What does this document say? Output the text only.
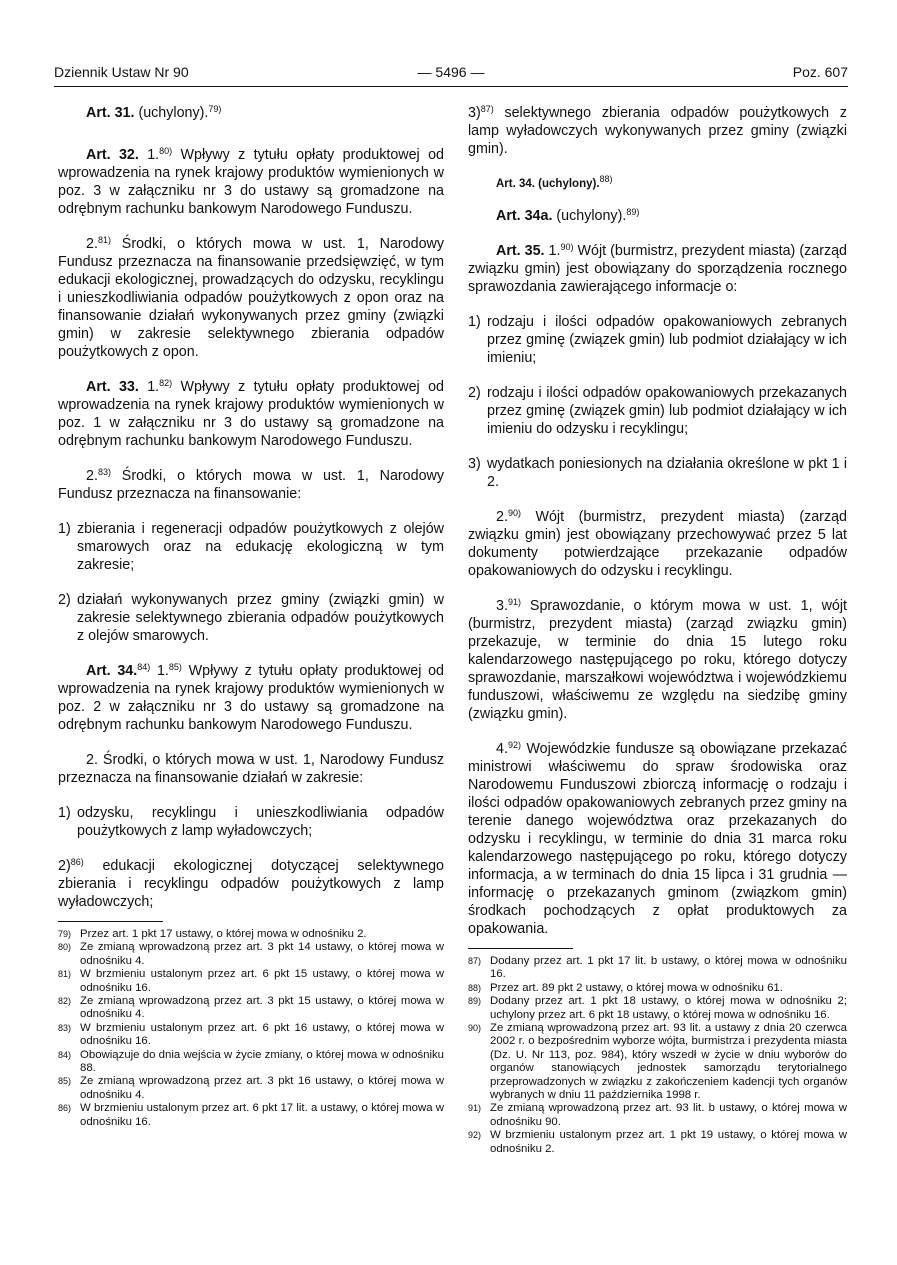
Dziennik Ustaw Nr 90	— 5496 —	Poz. 607

Art. 31. (uchylony).$^{79)}$

Art. 32. 1.$^{80)}$ Wpływy z tytułu opłaty produktowej od wprowadzenia na rynek krajowy produktów wymienionych w poz. 3 w załączniku nr 3 do ustawy są gromadzone na odrębnym rachunku bankowym Narodowego Funduszu.

2.$^{81)}$ Środki, o których mowa w ust. 1, Narodowy Fundusz przeznacza na finansowanie przedsięwzięć, w tym edukacji ekologicznej, prowadzących do odzysku, recyklingu i unieszkodliwiania odpadów poużytkowych z opon oraz na finansowanie działań wykonywanych przez gminy (związki gmin) w zakresie selektywnego zbierania odpadów poużytkowych z opon.

Art. 33. 1.$^{82)}$ Wpływy z tytułu opłaty produktowej od wprowadzenia na rynek krajowy produktów wymienionych w poz. 1 w załączniku nr 3 do ustawy są gromadzone na odrębnym rachunku bankowym Narodowego Funduszu.

2.$^{83)}$ Środki, o których mowa w ust. 1, Narodowy Fundusz przeznacza na finansowanie:

1) zbierania i regeneracji odpadów poużytkowych z olejów smarowych oraz na edukację ekologiczną w tym zakresie;
2) działań wykonywanych przez gminy (związki gmin) w zakresie selektywnego zbierania odpadów poużytkowych z olejów smarowych.

Art. 34.$^{84)}$ 1.$^{85)}$ Wpływy z tytułu opłaty produktowej od wprowadzenia na rynek krajowy produktów wymienionych w poz. 2 w załączniku nr 3 do ustawy są gromadzone na odrębnym rachunku bankowym Narodowego Funduszu.

2. Środki, o których mowa w ust. 1, Narodowy Fundusz przeznacza na finansowanie działań w zakresie:

1) odzysku, recyklingu i unieszkodliwiania odpadów poużytkowych z lamp wyładowczych;
2)$^{86)}$ edukacji ekologicznej dotyczącej selektywnego zbierania i recyklingu odpadów poużytkowych z lamp wyładowczych;
79) Przez art. 1 pkt 17 ustawy, o której mowa w odnośniku 2.
80) Ze zmianą wprowadzoną przez art. 3 pkt 14 ustawy, o której mowa w odnośniku 4.
81) W brzmieniu ustalonym przez art. 6 pkt 15 ustawy, o której mowa w odnośniku 16.
82) Ze zmianą wprowadzoną przez art. 3 pkt 15 ustawy, o której mowa w odnośniku 4.
83) W brzmieniu ustalonym przez art. 6 pkt 16 ustawy, o której mowa w odnośniku 16.
84) Obowiązuje do dnia wejścia w życie zmiany, o której mowa w odnośniku 88.
85) Ze zmianą wprowadzoną przez art. 3 pkt 16 ustawy, o której mowa w odnośniku 4.
86) W brzmieniu ustalonym przez art. 6 pkt 17 lit. a ustawy, o której mowa w odnośniku 16.
3)$^{87)}$ selektywnego zbierania odpadów poużytkowych z lamp wyładowczych wykonywanych przez gminy (związki gmin).

Art. 34. (uchylony).$^{88)}$

Art. 34a. (uchylony).$^{89)}$

Art. 35. 1.$^{90)}$ Wójt (burmistrz, prezydent miasta) (zarząd związku gmin) jest obowiązany do sporządzenia rocznego sprawozdania zawierającego informacje o:

1) rodzaju i ilości odpadów opakowaniowych zebranych przez gminę (związek gmin) lub podmiot działający w ich imieniu;
2) rodzaju i ilości odpadów opakowaniowych przekazanych przez gminę (związek gmin) lub podmiot działający w ich imieniu do odzysku i recyklingu;
3) wydatkach poniesionych na działania określone w pkt 1 i 2.

2.$^{90)}$ Wójt (burmistrz, prezydent miasta) (zarząd związku gmin) jest obowiązany przechowywać przez 5 lat dokumenty potwierdzające przekazanie odpadów opakowaniowych do odzysku i recyklingu.

3.$^{91)}$ Sprawozdanie, o którym mowa w ust. 1, wójt (burmistrz, prezydent miasta) (zarząd związku gmin) przekazuje, w terminie do dnia 15 lutego roku kalendarzowego następującego po roku, którego dotyczy sprawozdanie, marszałkowi województwa i wojewódzkiemu funduszowi, właściwemu ze względu na siedzibę gminy (związku gmin).

4.$^{92)}$ Wojewódzkie fundusze są obowiązane przekazać ministrowi właściwemu do spraw środowiska oraz Narodowemu Funduszowi zbiorczą informację o rodzaju i ilości odpadów opakowaniowych zebranych przez gminy na terenie danego województwa oraz przekazanych do odzysku i recyklingu, w terminie do dnia 31 marca roku kalendarzowego następującego po roku, którego dotyczy informacja, a w terminach do dnia 15 lipca i 31 grudnia — informację o przekazanych gminom (związkom gmin) środkach pochodzących z opłat produktowych za opakowania.

87) Dodany przez art. 1 pkt 17 lit. b ustawy, o której mowa w odnośniku 16.
88) Przez art. 89 pkt 2 ustawy, o której mowa w odnośniku 61.
89) Dodany przez art. 1 pkt 18 ustawy, o której mowa w odnośniku 2; uchylony przez art. 6 pkt 18 ustawy, o której mowa w odnośniku 16.
90) Ze zmianą wprowadzoną przez art. 93 lit. a ustawy z dnia 20 czerwca 2002 r. o bezpośrednim wyborze wójta, burmistrza i prezydenta miasta (Dz. U. Nr 113, poz. 984), który wszedł w życie w dniu wyborów do organów stanowiących jednostek samorządu terytorialnego przeprowadzonych w związku z zakończeniem kadencji tych organów wybranych w dniu 11 października 1998 r.
91) Ze zmianą wprowadzoną przez art. 93 lit. b ustawy, o której mowa w odnośniku 90.
92) W brzmieniu ustalonym przez art. 1 pkt 19 ustawy, o której mowa w odnośniku 2.
